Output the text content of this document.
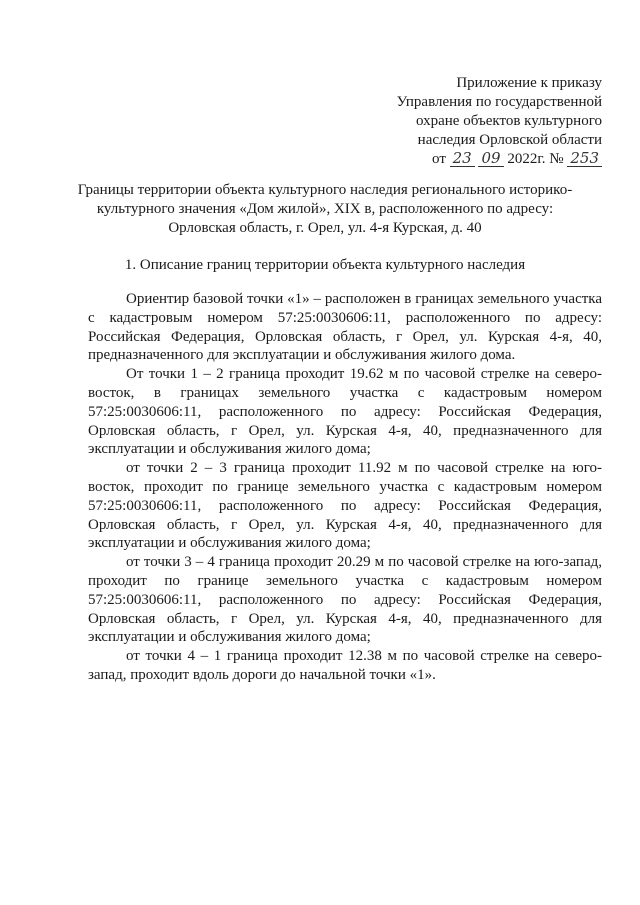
Приложение к приказу
Управления по государственной
охране объектов культурного
наследия Орловской области
от 23 09 2022г. № 253
Границы территории объекта культурного наследия регионального историко-
культурного значения «Дом жилой», XIX в, расположенного по адресу:
Орловская область, г. Орел, ул. 4-я Курская, д. 40
1. Описание границ территории объекта культурного наследия

Ориентир базовой точки «1» – расположен в границах земельного участка с кадастровым номером 57:25:0030606:11, расположенного по адресу: Российская Федерация, Орловская область, г Орел, ул. Курская 4-я, 40, предназначенного для эксплуатации и обслуживания жилого дома.

От точки 1 – 2 граница проходит 19.62 м по часовой стрелке на северо-восток, в границах земельного участка с кадастровым номером 57:25:0030606:11, расположенного по адресу: Российская Федерация, Орловская область, г Орел, ул. Курская 4-я, 40, предназначенного для эксплуатации и обслуживания жилого дома;

от точки 2 – 3 граница проходит 11.92 м по часовой стрелке на юго-восток, проходит по границе земельного участка с кадастровым номером 57:25:0030606:11, расположенного по адресу: Российская Федерация, Орловская область, г Орел, ул. Курская 4-я, 40, предназначенного для эксплуатации и обслуживания жилого дома;

от точки 3 – 4 граница проходит 20.29 м по часовой стрелке на юго-запад, проходит по границе земельного участка с кадастровым номером 57:25:0030606:11, расположенного по адресу: Российская Федерация, Орловская область, г Орел, ул. Курская 4-я, 40, предназначенного для эксплуатации и обслуживания жилого дома;

от точки 4 – 1 граница проходит 12.38 м по часовой стрелке на северо-запад, проходит вдоль дороги до начальной точки «1».
